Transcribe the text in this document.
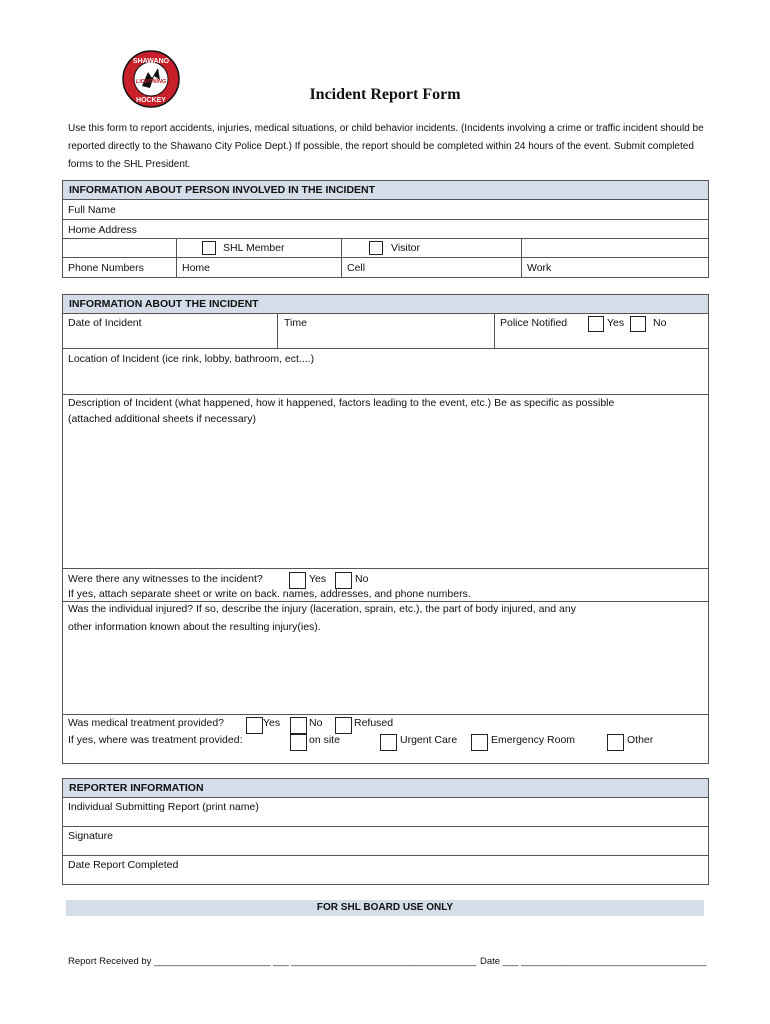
SHAWANO
LIGHTNING
HOCKEY	Incident Report Form
Use this form to report accidents, injuries, medical situations, or child behavior incidents. (Incidents involving a crime or traffic incident should be reported directly to the Shawano City Police Dept.) If possible, the report should be completed within 24 hours of the event. Submit completed forms to the SHL President.
INFORMATION ABOUT PERSON INVOLVED IN THE INCIDENT
Full Name
Home Address
SHL Member	Visitor
Phone Numbers	Home	Cell	Work
INFORMATION ABOUT THE INCIDENT
Date of Incident	Time	Police Notified	Yes	No
Location of Incident (ice rink, lobby, bathroom, ect....)
Description of Incident (what happened, how it happened, factors leading to the event, etc.) Be as specific as possible
(attached additional sheets if necessary)
Were there any witnesses to the incident?	Yes	No
If yes, attach separate sheet or write on back. names, addresses, and phone numbers.
Was the individual injured? If so, describe the injury (laceration, sprain, etc.), the part of body injured, and any
other information known about the resulting injury(ies).
Was medical treatment provided?	Yes	No	Refused
If yes, where was treatment provided:	on site	Urgent Care	Emergency Room	Other
REPORTER INFORMATION
Individual Submitting Report (print name)
Signature
Date Report Completed
FOR SHL BOARD USE ONLY
Report Received by ______________________ ___ ___________________________________ Date ___ ___________________________________
